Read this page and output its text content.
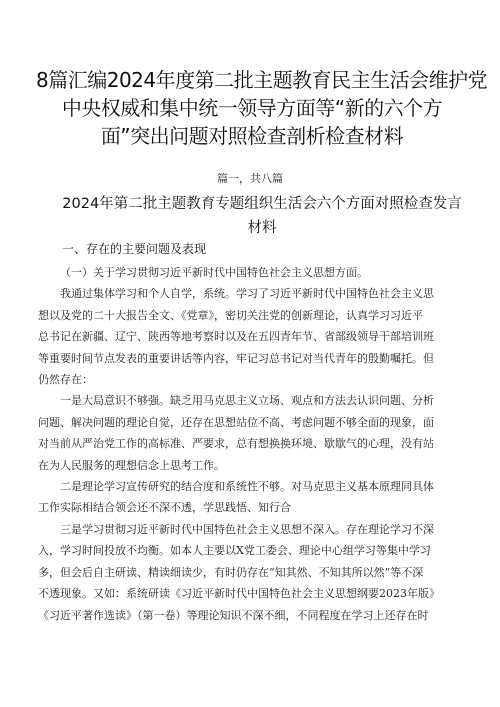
8篇汇编2024年度第二批主题教育民主生活会维护党
中央权威和集中统一领导方面等“新的六个方
面”突出问题对照检查剖析检查材料
篇一，共八篇
2024年第二批主题教育专题组织生活会六个方面对照检查发言
材料
一、存在的主要问题及表现
（一）关于学习贯彻习近平新时代中国特色社会主义思想方面。
我通过集体学习和个人自学，系统。学习了习近平新时代中国特色社会主义思
想以及党的二十大报告全文、《党章》，密切关注党的创新理论，认真学习习近平
总书记在新疆、辽宁、陕西等地考察时以及在五四青年节、省部级领导干部培训班
等重要时间节点发表的重要讲话等内容，牢记习总书记对当代青年的殷勤嘱托。但
仍然存在：
一是大局意识不够强。缺乏用马克思主义立场、观点和方法去认识问题、分析
问题、解决问题的理论自觉，还存在思想站位不高、考虑问题不够全面的现象，面
对当前从严治党工作的高标准、严要求，总有想换换环境、歇歇气的心理，没有站
在为人民服务的理想信念上思考工作。
二是理论学习宣传研究的结合度和系统性不够。对马克思主义基本原理同具体
工作实际相结合领会还不深不透，学思践悟、知行合
三是学习贯彻习近平新时代中国特色社会主义思想不深入。存在理论学习不深
入，学习时间投放不均衡。如本人主要以X党工委会、理论中心组学习等集中学习
多，但会后自主研读、精读细读少，有时仍存在“知其然、不知其所以然”等不深
不透现象。又如：系统研读《习近平新时代中国特色社会主义思想纲要2023年版》
《习近平著作选读》（第一卷）等理论知识不深不细，不同程度在学习上还存在时
